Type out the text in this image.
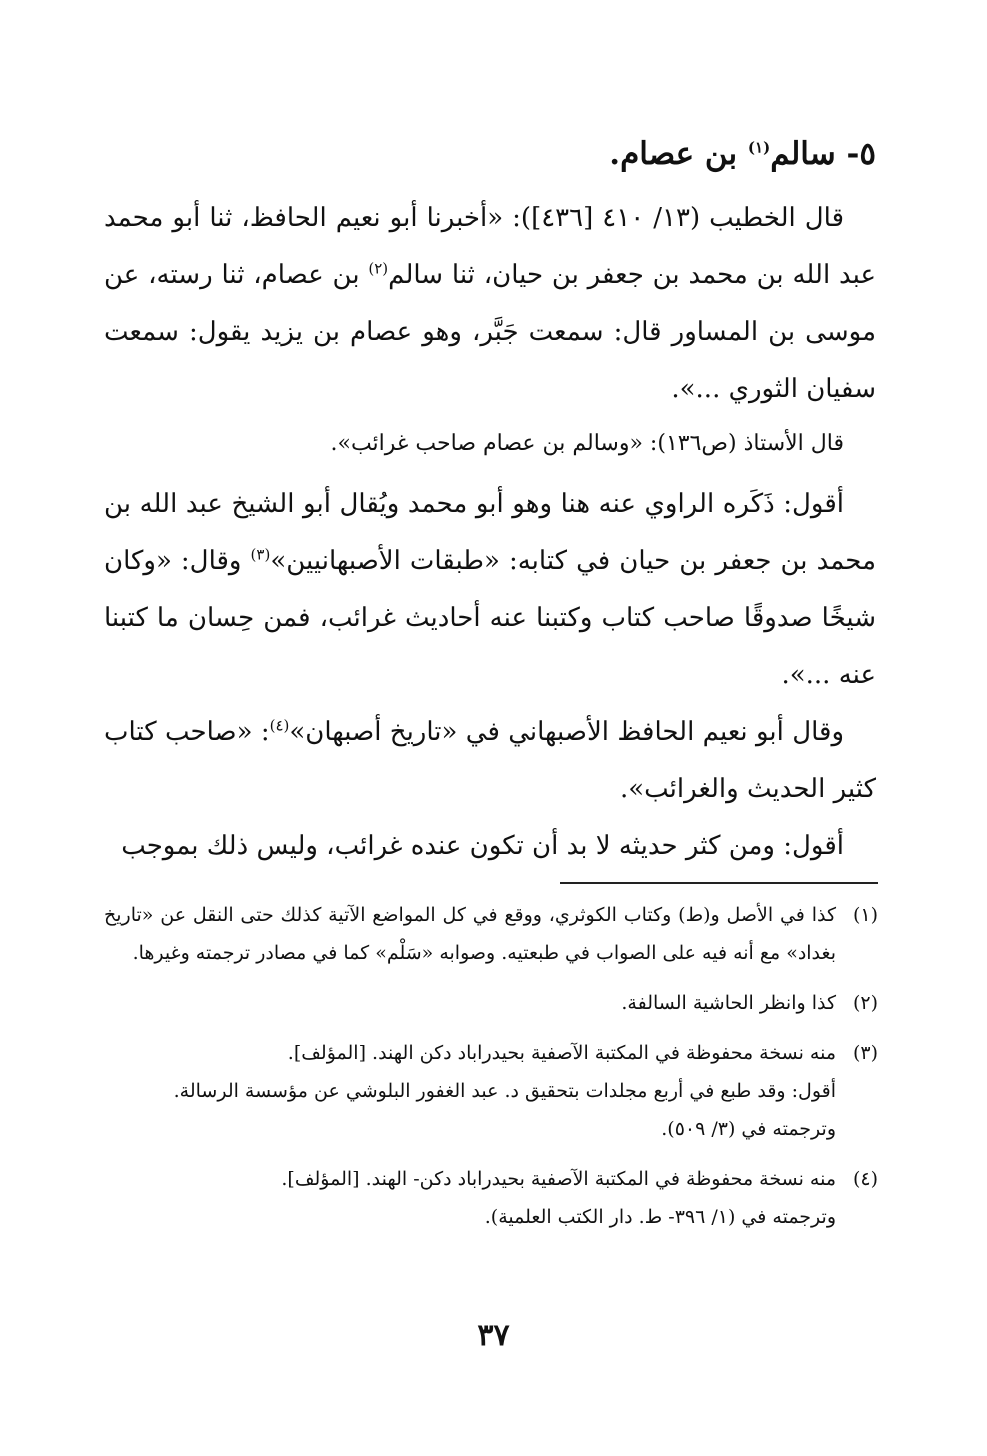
٥- سالم$^{(١)}$ بن عصام.

قال الخطيب (١٣/ ٤١٠ [٤٣٦]): «أخبرنا أبو نعيم الحافظ، ثنا أبو محمد عبد الله بن محمد بن جعفر بن حيان، ثنا سالم$^{(٢)}$ بن عصام، ثنا رسته، عن موسى بن المساور قال: سمعت جَبَّر، وهو عصام بن يزيد يقول: سمعت سفيان الثوري ...».

قال الأستاذ (ص١٣٦): «وسالم بن عصام صاحب غرائب».

أقول: ذَكَره الراوي عنه هنا وهو أبو محمد ويُقال أبو الشيخ عبد الله بن محمد بن جعفر بن حيان في كتابه: «طبقات الأصبهانيين»$^{(٣)}$ وقال: «وكان شيخًا صدوقًا صاحب كتاب وكتبنا عنه أحاديث غرائب، فمن حِسان ما كتبنا عنه ...».

وقال أبو نعيم الحافظ الأصبهاني في «تاريخ أصبهان»$^{(٤)}$: «صاحب كتاب كثير الحديث والغرائب».

أقول: ومن كثر حديثه لا بد أن تكون عنده غرائب، وليس ذلك بموجب

(١)

كذا في الأصل و(ط) وكتاب الكوثري، ووقع في كل المواضع الآتية كذلك حتى النقل عن «تاريخ بغداد» مع أنه فيه على الصواب في طبعتيه. وصوابه «سَلْم» كما في مصادر ترجمته وغيرها.

(٢)

كذا وانظر الحاشية السالفة.

(٣)

منه نسخة محفوظة في المكتبة الآصفية بحيدراباد دكن الهند. [المؤلف].

أقول: وقد طبع في أربع مجلدات بتحقيق د. عبد الغفور البلوشي عن مؤسسة الرسالة.

وترجمته في (٣/ ٥٠٩).

(٤)

منه نسخة محفوظة في المكتبة الآصفية بحيدراباد دكن- الهند. [المؤلف].

وترجمته في (١/ ٣٩٦- ط. دار الكتب العلمية).

٣٧
